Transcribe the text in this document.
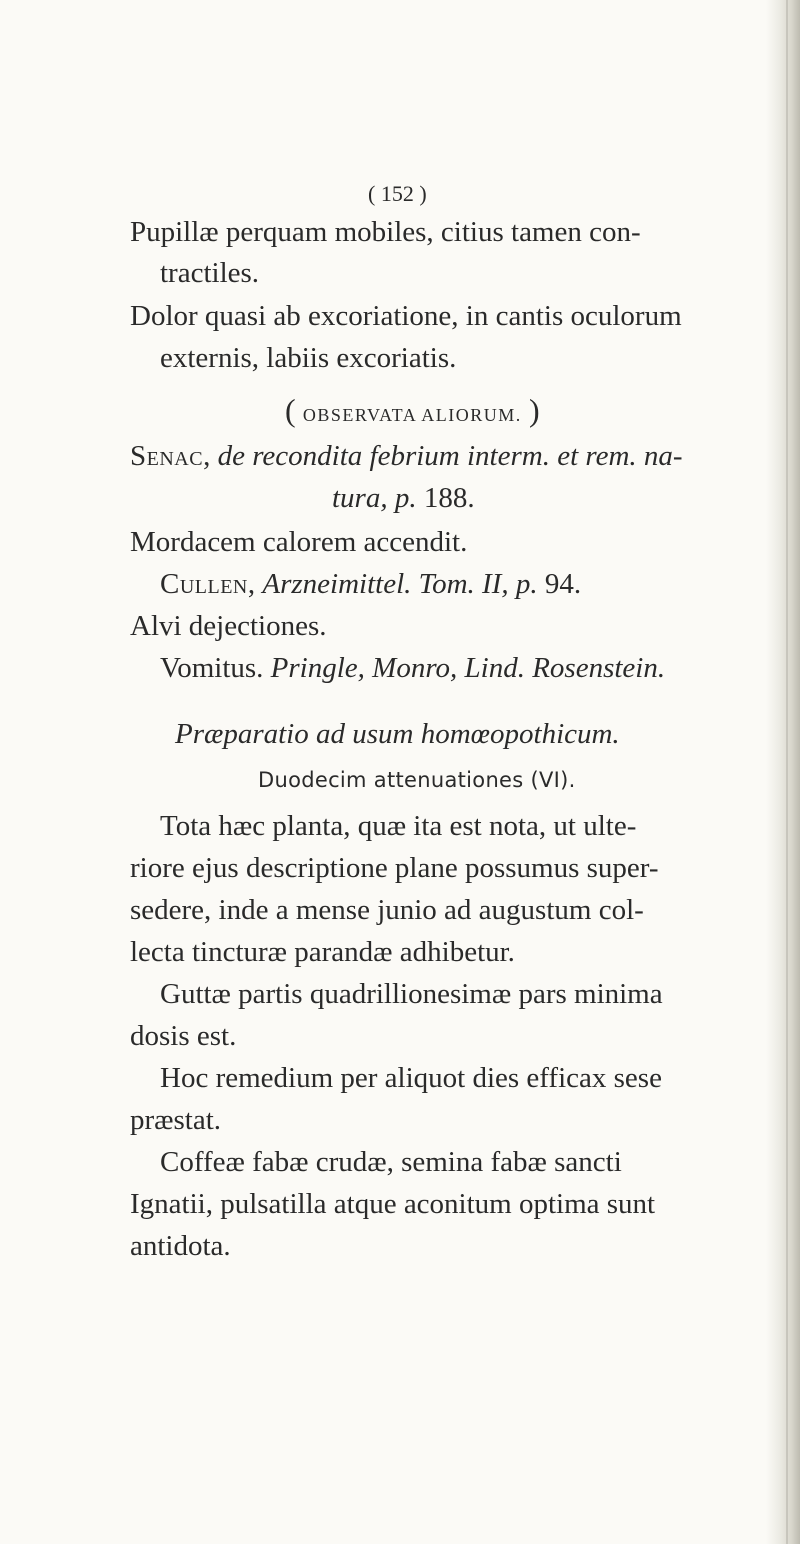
( 152 )
Pupillæ perquam mobiles, citius tamen con-
tractiles.
Dolor quasi ab excoriatione, in cantis oculorum
externis, labiis excoriatis.
( OBSERVATA ALIORUM. )
Senac, de recondita febrium interm. et rem. na-
tura, p. 188.
Mordacem calorem accendit.
Cullen, Arzneimittel. Tom. II, p. 94.
Alvi dejectiones.
Vomitus. Pringle, Monro, Lind. Rosenstein.
Præparatio ad usum homœopothicum.
Duodecim attenuationes (VI).
Tota hæc planta, quæ ita est nota, ut ulte-
riore ejus descriptione plane possumus super-
sedere, inde a mense junio ad augustum col-
lecta tincturæ parandæ adhibetur.
Guttæ partis quadrillionesimæ pars minima
dosis est.
Hoc remedium per aliquot dies efficax sese
præstat.
Coffeæ fabæ crudæ, semina fabæ sancti
Ignatii, pulsatilla atque aconitum optima sunt
antidota.
